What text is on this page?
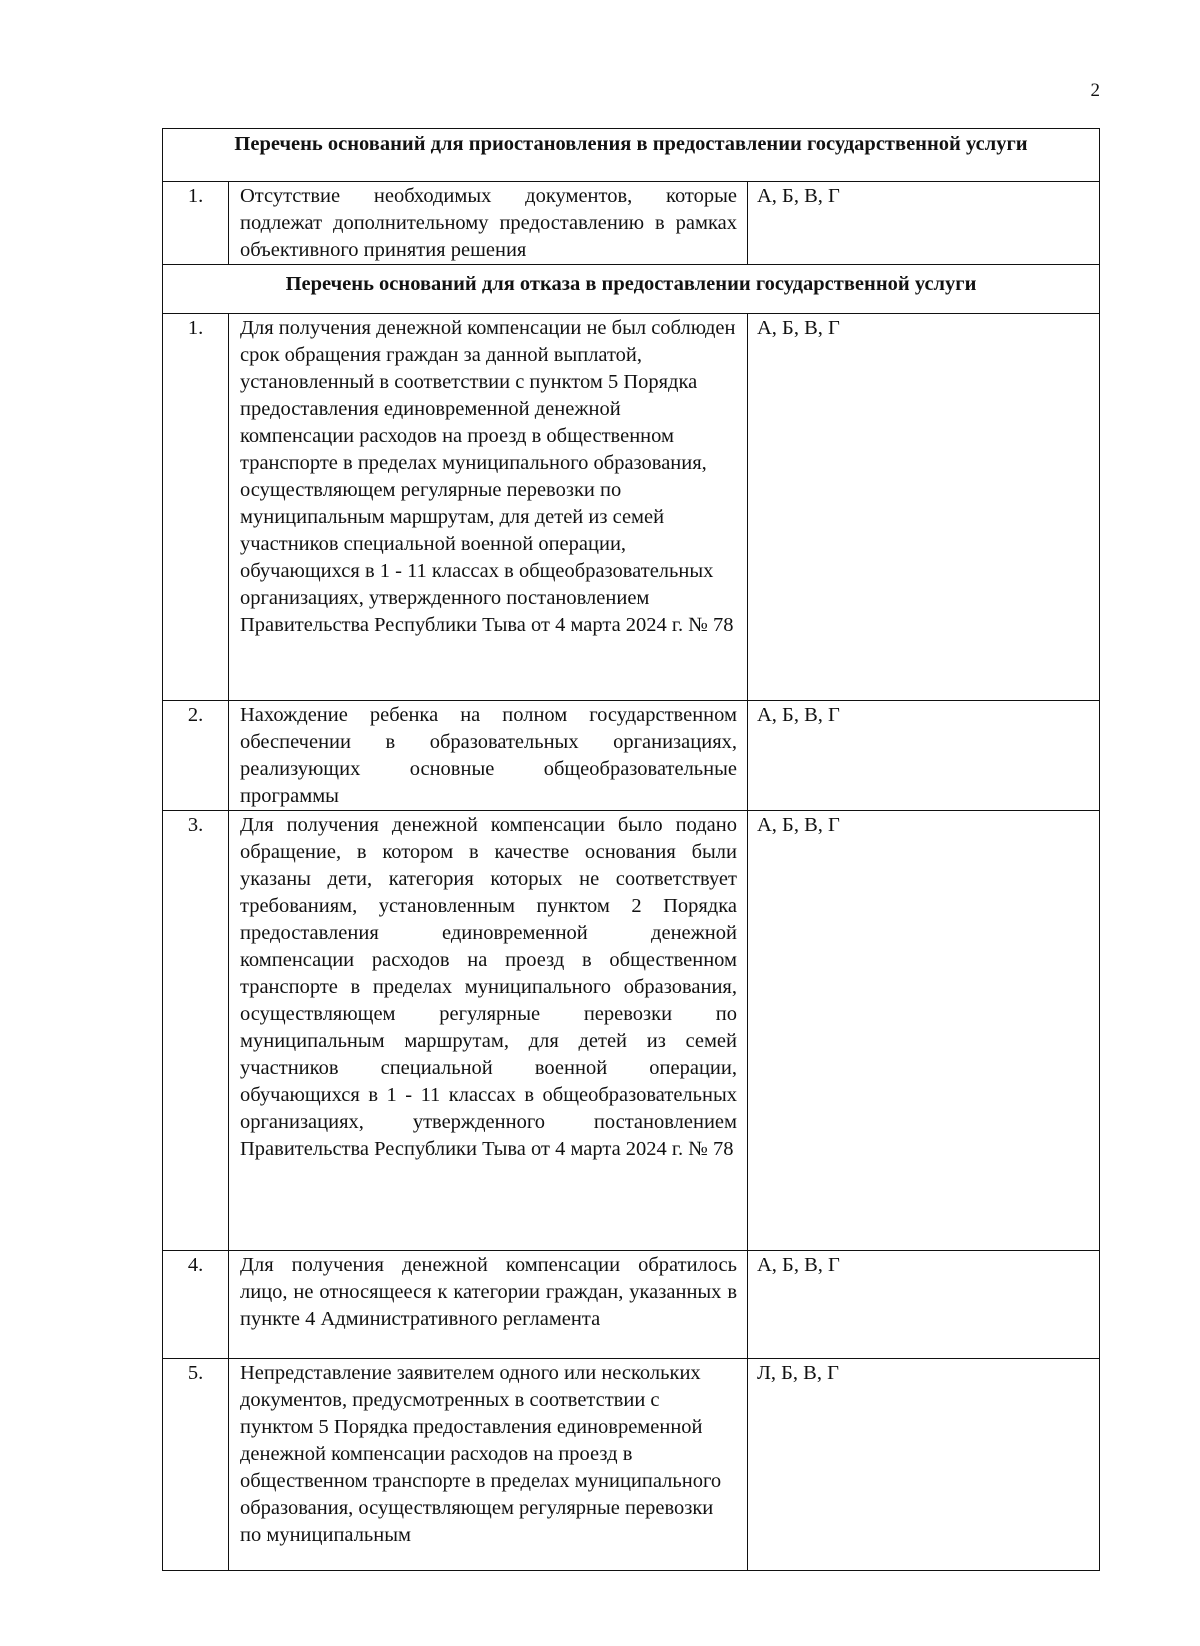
2
Перечень оснований для приостановления в предоставлении государственной услуги		
1.	Отсутствие необходимых документов, которые подлежат дополнительному предоставлению в рамках объективного принятия решения	А, Б, В, Г
Перечень оснований для отказа в предоставлении государственной услуги		
1.	Для получения денежной компенсации не был соблюден срок обращения граждан за данной выплатой, установленный в соответствии с пунктом 5 Порядка предоставления единовременной денежной компенсации расходов на проезд в общественном транспорте в пределах муниципального образования, осуществляющем регулярные перевозки по муниципальным маршрутам, для детей из семей участников специальной военной операции, обучающихся в 1 - 11 классах в общеобразовательных организациях, утвержденного постановлением Правительства Республики Тыва от 4 марта 2024 г. № 78	А, Б, В, Г
2.	Нахождение ребенка на полном государственном обеспечении в образовательных организациях, реализующих основные общеобразовательные программы	А, Б, В, Г
3.	Для получения денежной компенсации было подано обращение, в котором в качестве основания были указаны дети, категория которых не соответствует требованиям, установленным пунктом 2 Порядка предоставления единовременной денежной компенсации расходов на проезд в общественном транспорте в пределах муниципального образования, осуществляющем регулярные перевозки по муниципальным маршрутам, для детей из семей участников специальной военной операции, обучающихся в 1 - 11 классах в общеобразовательных организациях, утвержденного постановлением Правительства Республики Тыва от 4 марта 2024 г. № 78	А, Б, В, Г
4.	Для получения денежной компенсации обратилось лицо, не относящееся к категории граждан, указанных в пункте 4 Административного регламента	А, Б, В, Г
5.	Непредставление заявителем одного или нескольких документов, предусмотренных в соответствии с пунктом 5 Порядка предоставления единовременной денежной компенсации расходов на проезд в общественном транспорте в пределах муниципального образования, осуществляющем регулярные перевозки по муниципальным	Л, Б, В, Г
